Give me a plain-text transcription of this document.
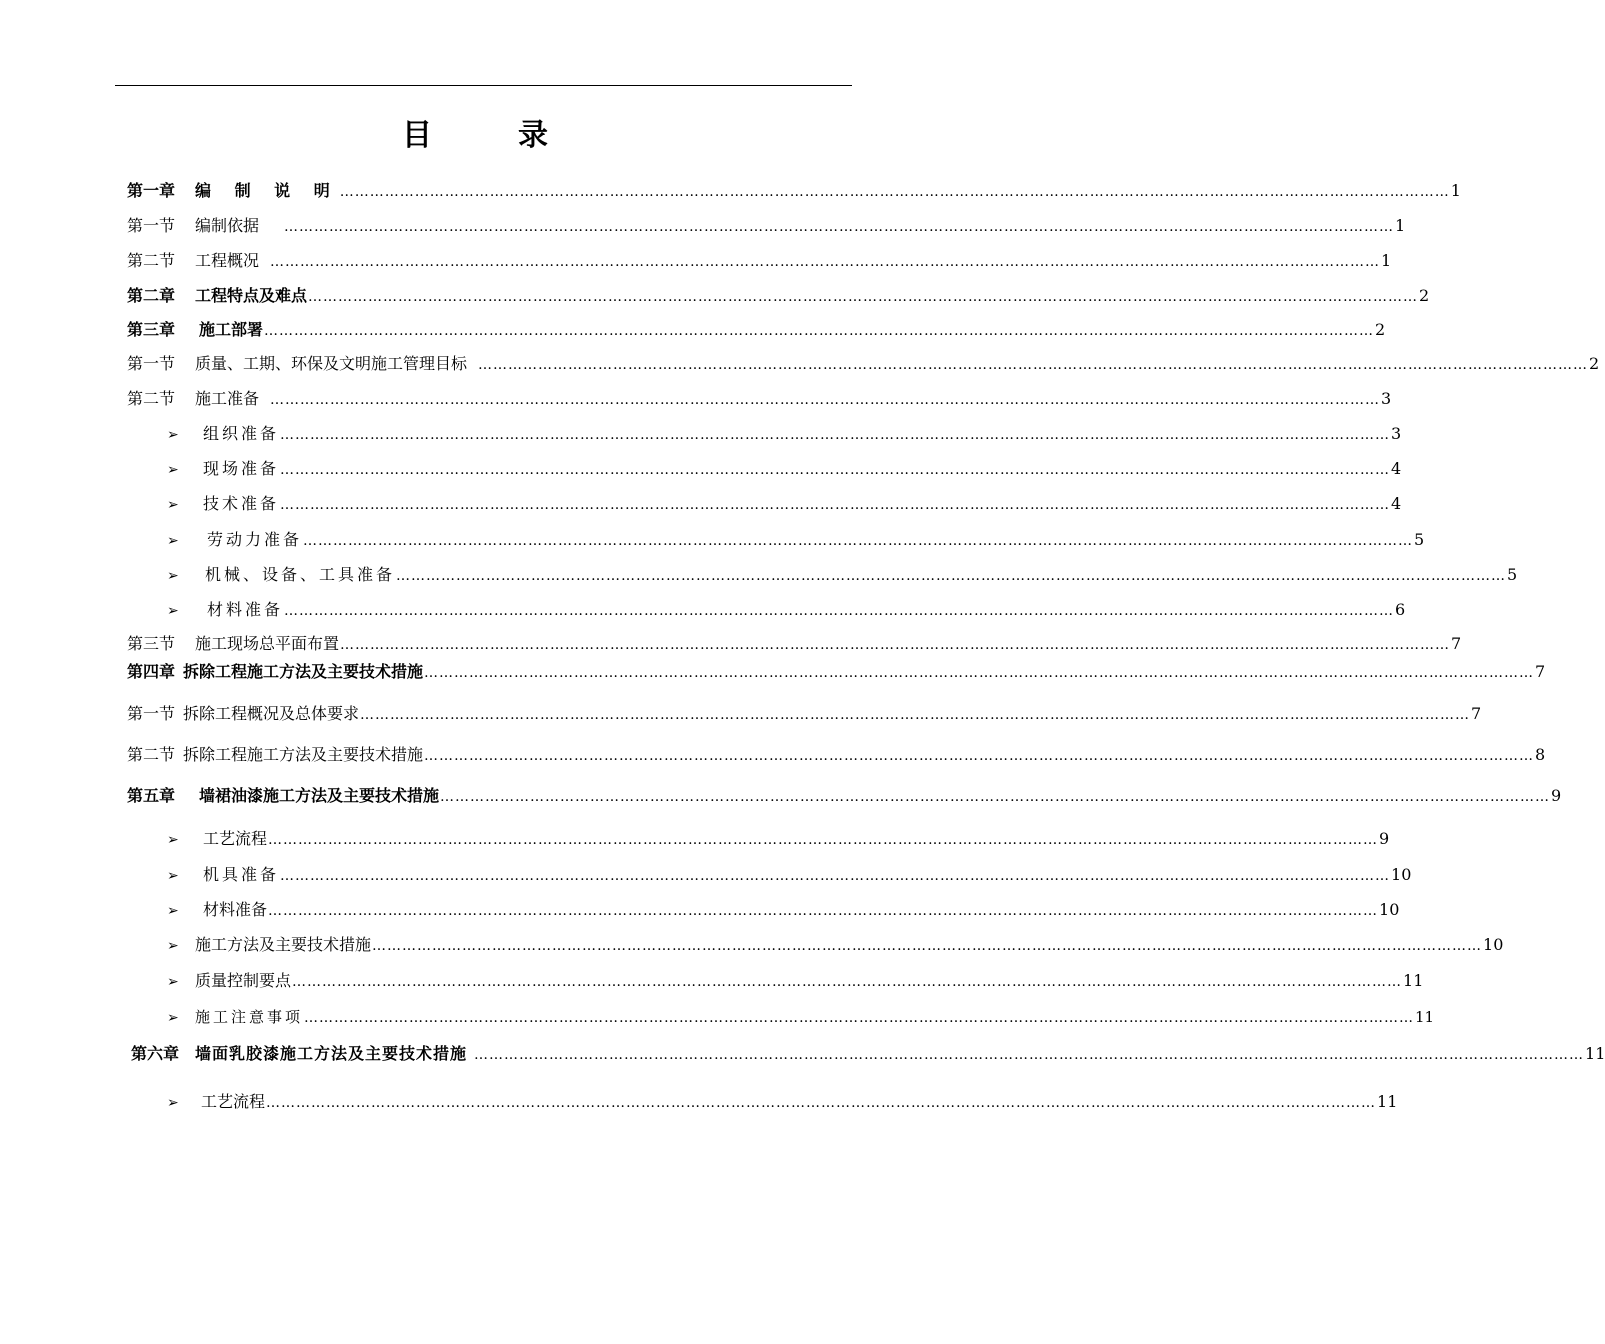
目　录
第一章 编 制 说 明 …………………………………………………………………………………………………………………………………………………………………………………………………… 1
第一节 编制依据 …………………………………………………………………………………………………………………………………………………………………………………………………… 1
第二节 工程概况 …………………………………………………………………………………………………………………………………………………………………………………………………… 1
第二章 工程特点及难点 …………………………………………………………………………………………………………………………………………………………………………………………………… 2
第三章 施工部署 …………………………………………………………………………………………………………………………………………………………………………………………………… 2
第一节 质量、工期、环保及文明施工管理目标 …………………………………………………………………………………………………………………………………………………………………………………………………… 2
第二节 施工准备 …………………………………………………………………………………………………………………………………………………………………………………………………… 3
➢	组织准备 …………………………………………………………………………………………………………………………………………………………………………………………………… 3
➢	现场准备 …………………………………………………………………………………………………………………………………………………………………………………………………… 4
➢	技术准备 …………………………………………………………………………………………………………………………………………………………………………………………………… 4
➢	劳动力准备 …………………………………………………………………………………………………………………………………………………………………………………………………… 5
➢	机械、设备、工具准备 …………………………………………………………………………………………………………………………………………………………………………………………………… 5
➢	材料准备 …………………………………………………………………………………………………………………………………………………………………………………………………… 6
第三节 施工现场总平面布置 …………………………………………………………………………………………………………………………………………………………………………………………………… 7
第四章 拆除工程施工方法及主要技术措施 …………………………………………………………………………………………………………………………………………………………………………………………………… 7
第一节 拆除工程概况及总体要求 …………………………………………………………………………………………………………………………………………………………………………………………………… 7
第二节 拆除工程施工方法及主要技术措施 …………………………………………………………………………………………………………………………………………………………………………………………………… 8
第五章 墙裙油漆施工方法及主要技术措施 …………………………………………………………………………………………………………………………………………………………………………………………………… 9
➢	工艺流程 …………………………………………………………………………………………………………………………………………………………………………………………………… 9
➢	机具准备 …………………………………………………………………………………………………………………………………………………………………………………………………… 10
➢	材料准备 …………………………………………………………………………………………………………………………………………………………………………………………………… 10
➢	施工方法及主要技术措施 …………………………………………………………………………………………………………………………………………………………………………………………………… 10
➢	质量控制要点 …………………………………………………………………………………………………………………………………………………………………………………………………… 11
➢	施工注意事项 …………………………………………………………………………………………………………………………………………………………………………………………………… 11
第六章 墙面乳胶漆施工方法及主要技术措施 …………………………………………………………………………………………………………………………………………………………………………………………………… 11
➢	工艺流程 …………………………………………………………………………………………………………………………………………………………………………………………………… 11
